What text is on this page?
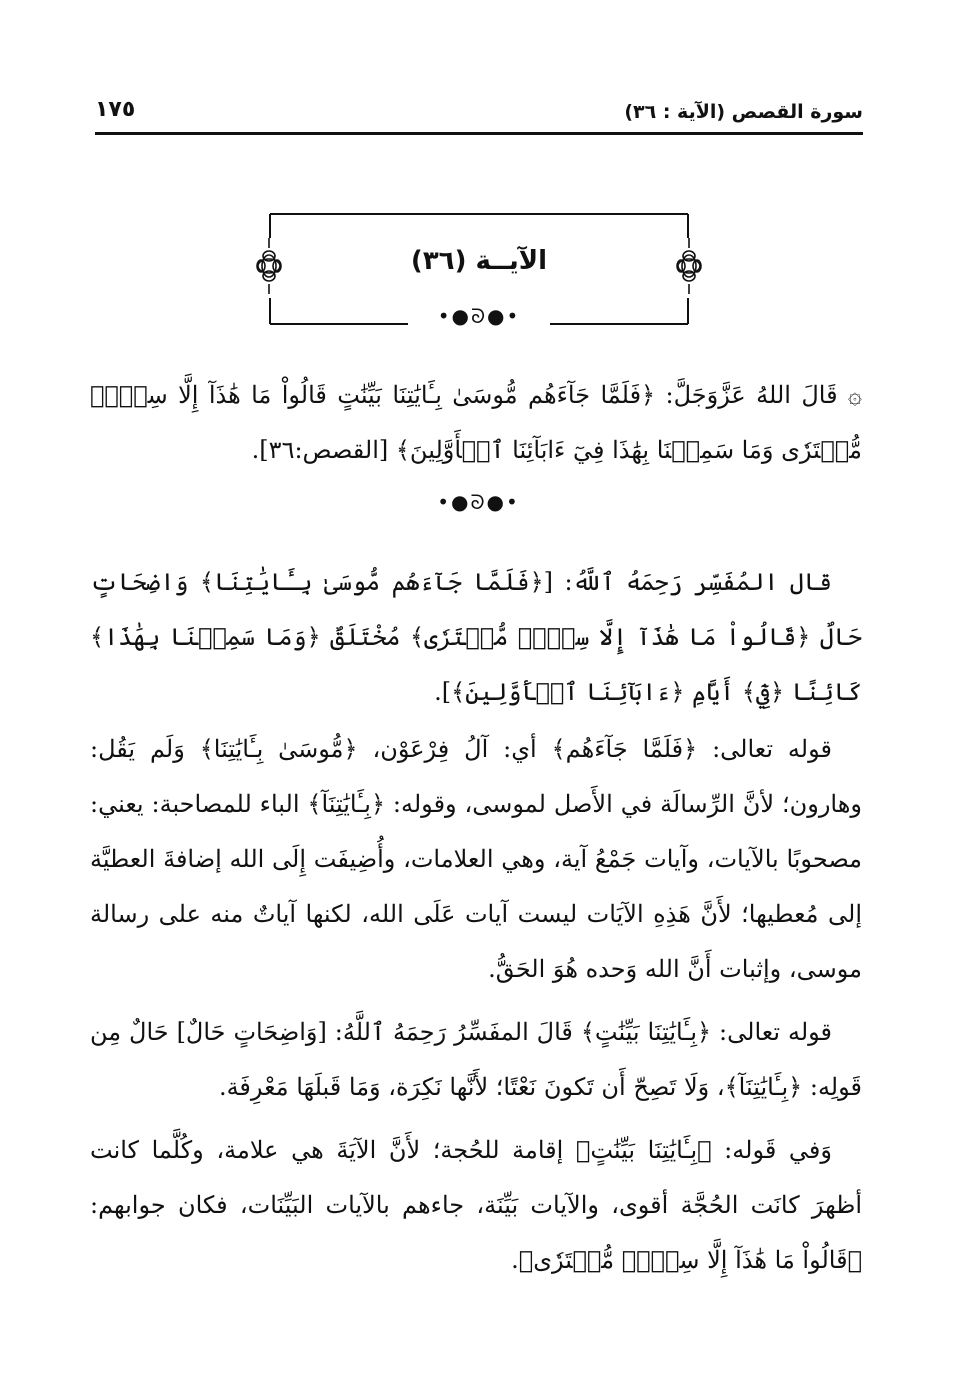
سورة القصص (الآية : ٣٦)
١٧٥
الآيــة (٣٦)
•●ᘐ●•
۞ قَالَ اللهُ عَزَّوَجَلَّ: ﴿فَلَمَّا جَآءَهُم مُّوسَىٰ بِـَٔايَٰتِنَا بَيِّنَٰتٍ قَالُواْ مَا هَٰذَآ إِلَّا سِحۡرٞ مُّفۡتَرٗى وَمَا سَمِعۡنَا بِهَٰذَا فِيٓ ءَابَآئِنَا ٱلۡأَوَّلِينَ﴾ [القصص:٣٦].
•●ᘐ●•
قال المُفَسِّر رَحِمَهُ ٱللَّهُ: [﴿فَلَمَّا جَآءَهُم مُّوسَىٰ بِـَٔايَٰتِنَا﴾ وَاضِحَاتٍ حَالٌ ﴿قَالُواْ مَا هَٰذَآ إِلَّا سِحۡرٞ مُّفۡتَرٗى﴾ مُخْتَلَقٌ ﴿وَمَا سَمِعۡنَا بِهَٰذَا﴾ كَائِنًا ﴿فِيٓ﴾ أَيَّامِ ﴿ءَابَآئِنَا ٱلۡأَوَّلِينَ﴾].
قوله تعالى: ﴿فَلَمَّا جَآءَهُم﴾ أي: آلُ فِرْعَوْن، ﴿مُّوسَىٰ بِـَٔايَٰتِنَا﴾ وَلَم يَقُل: وهارون؛ لأنَّ الرِّسالَة في الأَصل لموسى، وقوله: ﴿بِـَٔايَٰتِنَآ﴾ الباء للمصاحبة: يعني: مصحوبًا بالآيات، وآيات جَمْعُ آية، وهي العلامات، وأُضِيفَت إِلَى الله إضافةَ العطيَّة إلى مُعطيها؛ لأَنَّ هَذِهِ الآيَات ليست آيات عَلَى الله، لكنها آياتٌ منه على رسالة موسى، وإثبات أَنَّ الله وَحده هُوَ الحَقُّ.
قوله تعالى: ﴿بِـَٔايَٰتِنَا بَيِّنَٰتٍ﴾ قَالَ المفَسِّرُ رَحِمَهُ ٱللَّهُ: [وَاضِحَاتٍ حَالٌ] حَالٌ مِن قَولِه: ﴿بِـَٔايَٰتِنَآ﴾، وَلَا تَصِحّ أَن تَكونَ نَعْتًا؛ لأَنَّها نَكِرَة، وَمَا قَبلَهَا مَعْرِفَة.
وَفي قَوله: ﴿بِـَٔايَٰتِنَا بَيِّنَٰتٍ﴾ إقامة للحُجة؛ لأَنَّ الآيَةَ هي علامة، وكُلَّما كانت أظهرَ كانَت الحُجَّة أقوى، والآيات بَيِّنَة، جاءهم بالآيات البَيِّنَات، فكان جوابهم: ﴿قَالُواْ مَا هَٰذَآ إِلَّا سِحۡرٞ مُّفۡتَرٗى﴾.
